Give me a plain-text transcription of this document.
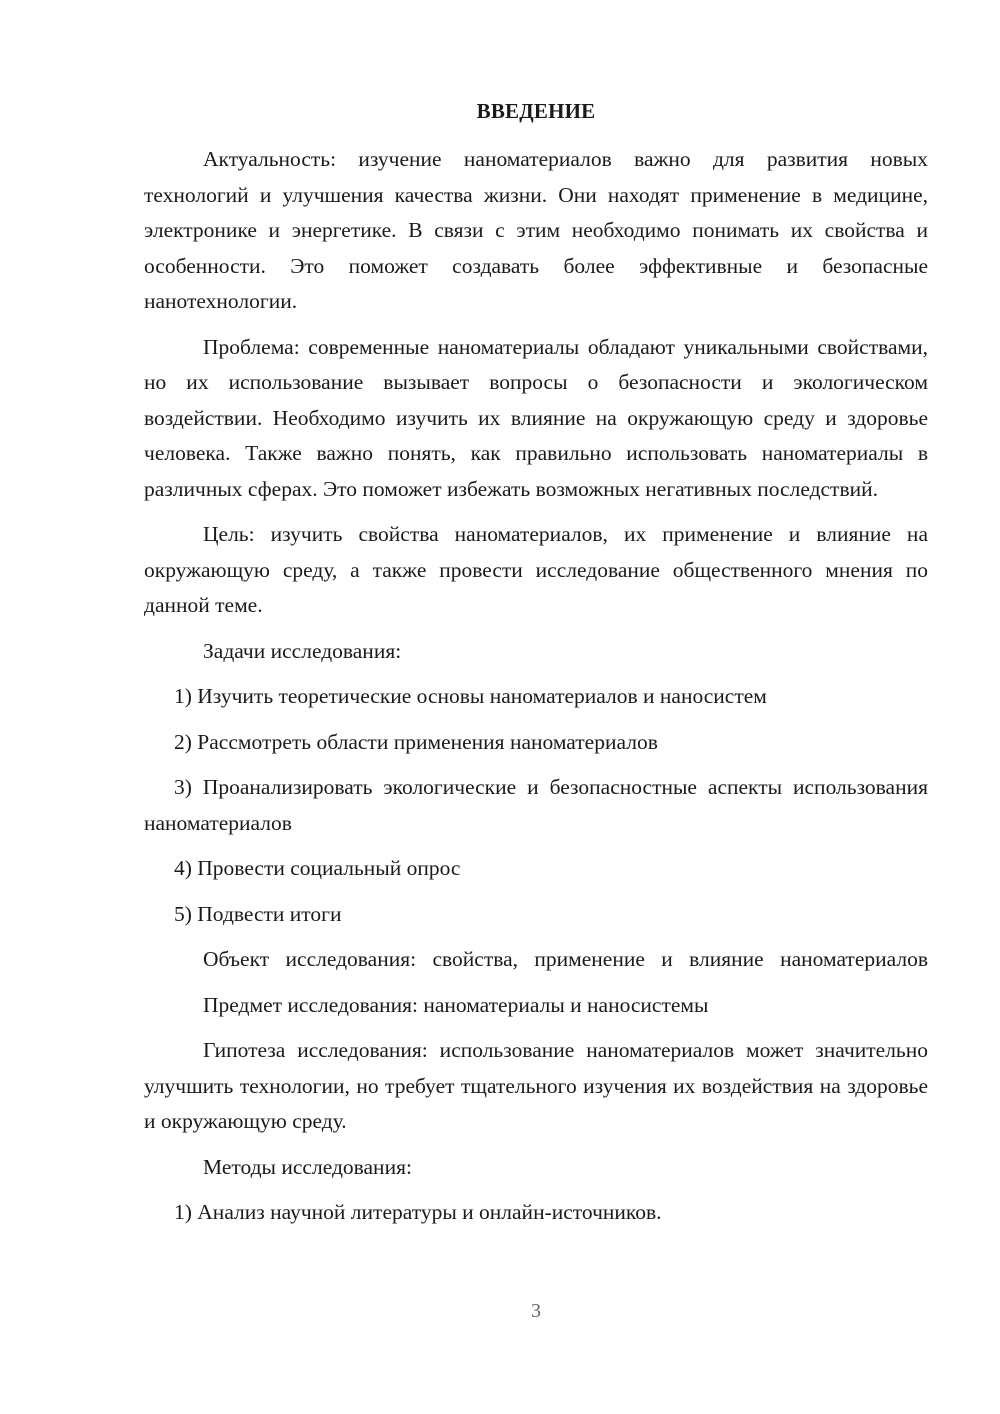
ВВЕДЕНИЕ

Актуальность: изучение наноматериалов важно для развития новых технологий и улучшения качества жизни. Они находят применение в медицине, электронике и энергетике. В связи с этим необходимо понимать их свойства и особенности. Это поможет создавать более эффективные и безопасные нанотехнологии.

Проблема: современные наноматериалы обладают уникальными свойствами, но их использование вызывает вопросы о безопасности и экологическом воздействии. Необходимо изучить их влияние на окружающую среду и здоровье человека. Также важно понять, как правильно использовать наноматериалы в различных сферах. Это поможет избежать возможных негативных последствий.

Цель: изучить свойства наноматериалов, их применение и влияние на окружающую среду, а также провести исследование общественного мнения по данной теме.

Задачи исследования:

1) Изучить теоретические основы наноматериалов и наносистем

2) Рассмотреть области применения наноматериалов

3) Проанализировать экологические и безопасностные аспекты использования наноматериалов

4) Провести социальный опрос

5) Подвести итоги

Объект исследования: свойства, применение и влияние наноматериалов

Предмет исследования: наноматериалы и наносистемы

Гипотеза исследования: использование наноматериалов может значительно улучшить технологии, но требует тщательного изучения их воздействия на здоровье и окружающую среду.

Методы исследования:

1) Анализ научной литературы и онлайн-источников.

3
